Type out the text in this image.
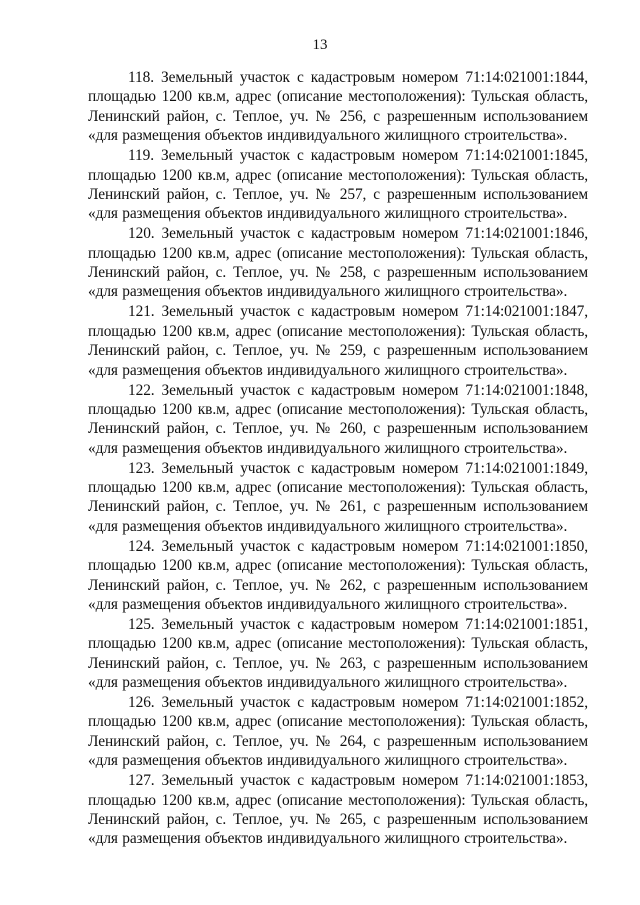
13

118. Земельный участок с кадастровым номером 71:14:021001:1844, площадью 1200 кв.м, адрес (описание местоположения): Тульская область, Ленинский район, с. Теплое, уч. № 256, с разрешенным использованием «для размещения объектов индивидуального жилищного строительства».

119. Земельный участок с кадастровым номером 71:14:021001:1845, площадью 1200 кв.м, адрес (описание местоположения): Тульская область, Ленинский район, с. Теплое, уч. № 257, с разрешенным использованием «для размещения объектов индивидуального жилищного строительства».

120. Земельный участок с кадастровым номером 71:14:021001:1846, площадью 1200 кв.м, адрес (описание местоположения): Тульская область, Ленинский район, с. Теплое, уч. № 258, с разрешенным использованием «для размещения объектов индивидуального жилищного строительства».

121. Земельный участок с кадастровым номером 71:14:021001:1847, площадью 1200 кв.м, адрес (описание местоположения): Тульская область, Ленинский район, с. Теплое, уч. № 259, с разрешенным использованием «для размещения объектов индивидуального жилищного строительства».

122. Земельный участок с кадастровым номером 71:14:021001:1848, площадью 1200 кв.м, адрес (описание местоположения): Тульская область, Ленинский район, с. Теплое, уч. № 260, с разрешенным использованием «для размещения объектов индивидуального жилищного строительства».

123. Земельный участок с кадастровым номером 71:14:021001:1849, площадью 1200 кв.м, адрес (описание местоположения): Тульская область, Ленинский район, с. Теплое, уч. № 261, с разрешенным использованием «для размещения объектов индивидуального жилищного строительства».

124. Земельный участок с кадастровым номером 71:14:021001:1850, площадью 1200 кв.м, адрес (описание местоположения): Тульская область, Ленинский район, с. Теплое, уч. № 262, с разрешенным использованием «для размещения объектов индивидуального жилищного строительства».

125. Земельный участок с кадастровым номером 71:14:021001:1851, площадью 1200 кв.м, адрес (описание местоположения): Тульская область, Ленинский район, с. Теплое, уч. № 263, с разрешенным использованием «для размещения объектов индивидуального жилищного строительства».

126. Земельный участок с кадастровым номером 71:14:021001:1852, площадью 1200 кв.м, адрес (описание местоположения): Тульская область, Ленинский район, с. Теплое, уч. № 264, с разрешенным использованием «для размещения объектов индивидуального жилищного строительства».

127. Земельный участок с кадастровым номером 71:14:021001:1853, площадью 1200 кв.м, адрес (описание местоположения): Тульская область, Ленинский район, с. Теплое, уч. № 265, с разрешенным использованием «для размещения объектов индивидуального жилищного строительства».
